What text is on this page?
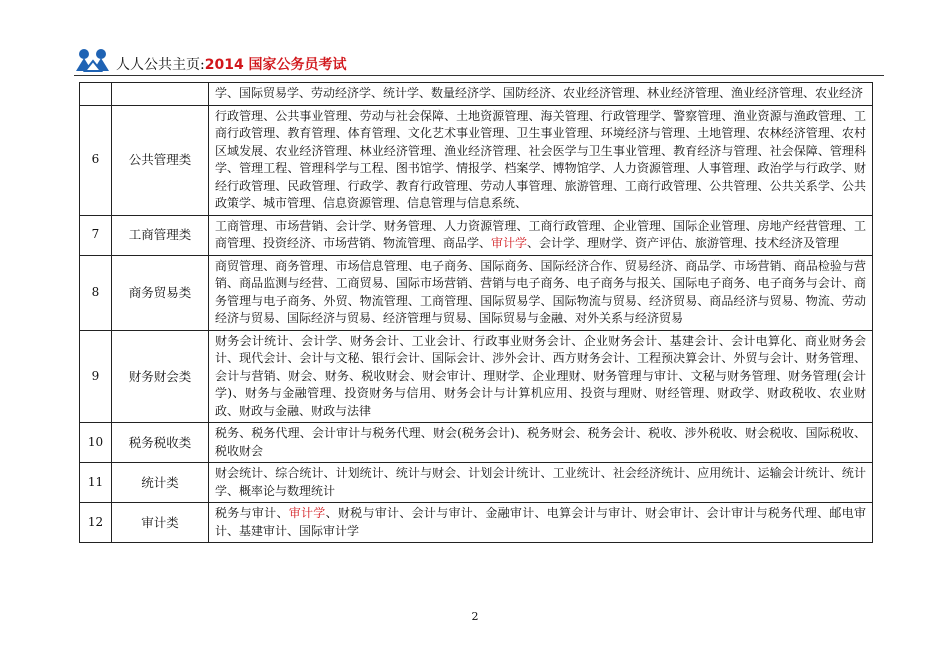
人人公共主页:2014 国家公务员考试
		学、国际贸易学、劳动经济学、统计学、数量经济学、国防经济、农业经济管理、林业经济管理、渔业经济管理、农业经济
6	公共管理类	行政管理、公共事业管理、劳动与社会保障、土地资源管理、海关管理、行政管理学、警察管理、渔业资源与渔政管理、工商行政管理、教育管理、体育管理、文化艺术事业管理、卫生事业管理、环境经济与管理、土地管理、农林经济管理、农村区域发展、农业经济管理、林业经济管理、渔业经济管理、社会医学与卫生事业管理、教育经济与管理、社会保障、管理科学、管理工程、管理科学与工程、图书馆学、情报学、档案学、博物馆学、人力资源管理、人事管理、政治学与行政学、财经行政管理、民政管理、行政学、教育行政管理、劳动人事管理、旅游管理、工商行政管理、公共管理、公共关系学、公共政策学、城市管理、信息资源管理、信息管理与信息系统、
7	工商管理类	工商管理、市场营销、会计学、财务管理、人力资源管理、工商行政管理、企业管理、国际企业管理、房地产经营管理、工商管理、投资经济、市场营销、物流管理、商品学、审计学、会计学、理财学、资产评估、旅游管理、技术经济及管理
8	商务贸易类	商贸管理、商务管理、市场信息管理、电子商务、国际商务、国际经济合作、贸易经济、商品学、市场营销、商品检验与营销、商品监测与经营、工商贸易、国际市场营销、营销与电子商务、电子商务与报关、国际电子商务、电子商务与会计、商务管理与电子商务、外贸、物流管理、工商管理、国际贸易学、国际物流与贸易、经济贸易、商品经济与贸易、物流、劳动经济与贸易、国际经济与贸易、经济管理与贸易、国际贸易与金融、对外关系与经济贸易
9	财务财会类	财务会计统计、会计学、财务会计、工业会计、行政事业财务会计、企业财务会计、基建会计、会计电算化、商业财务会计、现代会计、会计与文秘、银行会计、国际会计、涉外会计、西方财务会计、工程预决算会计、外贸与会计、财务管理、会计与营销、财会、财务、税收财会、财会审计、理财学、企业理财、财务管理与审计、文秘与财务管理、财务管理(会计学)、财务与金融管理、投资财务与信用、财务会计与计算机应用、投资与理财、财经管理、财政学、财政税收、农业财政、财政与金融、财政与法律
10	税务税收类	税务、税务代理、会计审计与税务代理、财会(税务会计)、税务财会、税务会计、税收、涉外税收、财会税收、国际税收、税收财会
11	统计类	财会统计、综合统计、计划统计、统计与财会、计划会计统计、工业统计、社会经济统计、应用统计、运输会计统计、统计学、概率论与数理统计
12	审计类	税务与审计、审计学、财税与审计、会计与审计、金融审计、电算会计与审计、财会审计、会计审计与税务代理、邮电审计、基建审计、国际审计学
2
